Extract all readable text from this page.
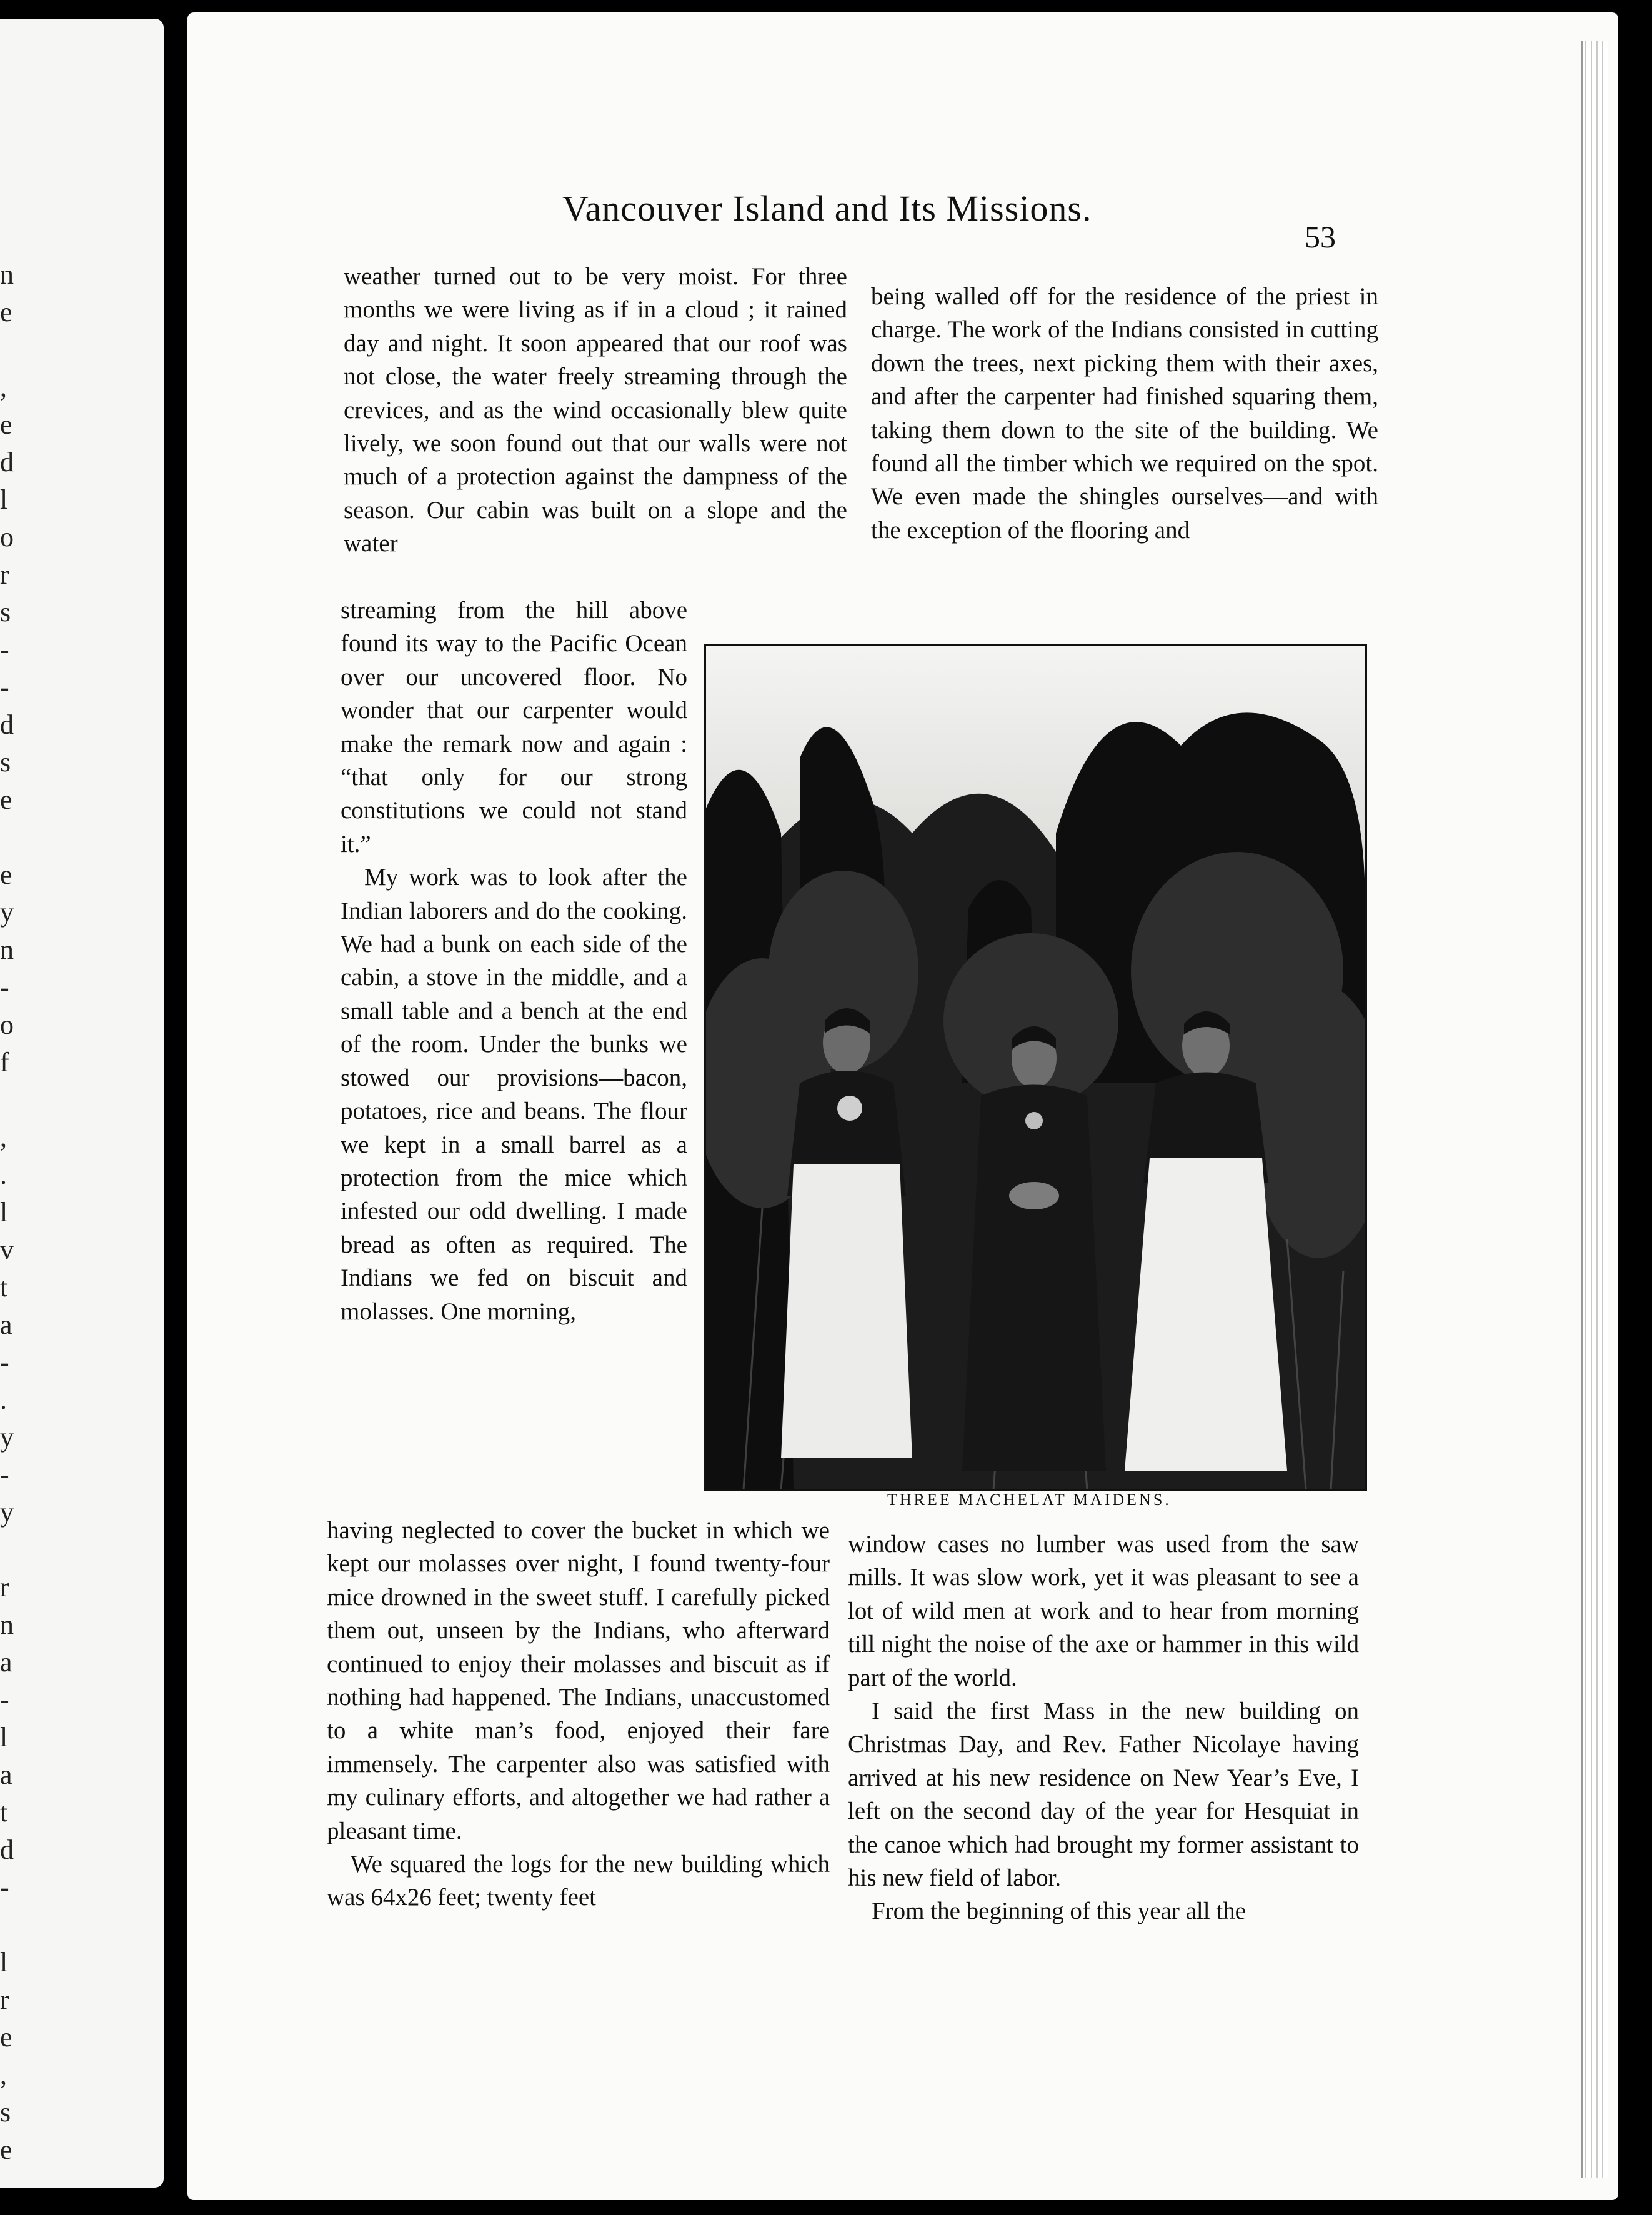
n
e
,
e
d
l
o
r
s
-
-
d
s
e
e
y
n
-
o
f
,
.
l
v
t
a
-
.
y
-
y
r
n
a
-
l
a
t
d
-
l
r
e
,
s
e
Vancouver Island and Its Missions.
53

weather turned out to be very moist. For three months we were living as if in a cloud ; it rained day and night. It soon appeared that our roof was not close, the water freely streaming through the crevices, and as the wind occasionally blew quite lively, we soon found out that our walls were not much of a protection against the dampness of the season. Our cabin was built on a slope and the water

streaming from the hill above found its way to the Pacific Ocean over our uncovered floor. No wonder that our carpenter would make the remark now and again : “that only for our strong constitutions we could not stand it.”

My work was to look after the Indian laborers and do the cooking. We had a bunk on each side of the cabin, a stove in the middle, and a small table and a bench at the end of the room. Under the bunks we stowed our provisions—bacon, potatoes, rice and beans. The flour we kept in a small barrel as a protection from the mice which infested our odd dwelling. I made bread as often as required. The Indians we fed on biscuit and molasses. One morning,

having neglected to cover the bucket in which we kept our molasses over night, I found twenty-four mice drowned in the sweet stuff. I carefully picked them out, unseen by the Indians, who afterward continued to enjoy their molasses and biscuit as if nothing had happened. The Indians, unaccustomed to a white man’s food, enjoyed their fare immensely. The carpenter also was satisfied with my culinary efforts, and altogether we had rather a pleasant time.

We squared the logs for the new building which was 64x26 feet; twenty feet

being walled off for the residence of the priest in charge. The work of the Indians consisted in cutting down the trees, next picking them with their axes, and after the carpenter had finished squaring them, taking them down to the site of the building. We found all the timber which we required on the spot. We even made the shingles ourselves—and with the exception of the flooring and

window cases no lumber was used from the saw mills. It was slow work, yet it was pleasant to see a lot of wild men at work and to hear from morning till night the noise of the axe or hammer in this wild part of the world.

I said the first Mass in the new building on Christmas Day, and Rev. Father Nicolaye having arrived at his new residence on New Year’s Eve, I left on the second day of the year for Hesquiat in the canoe which had brought my former assistant to his new field of labor.

From the beginning of this year all the

THREE MACHELAT MAIDENS.
